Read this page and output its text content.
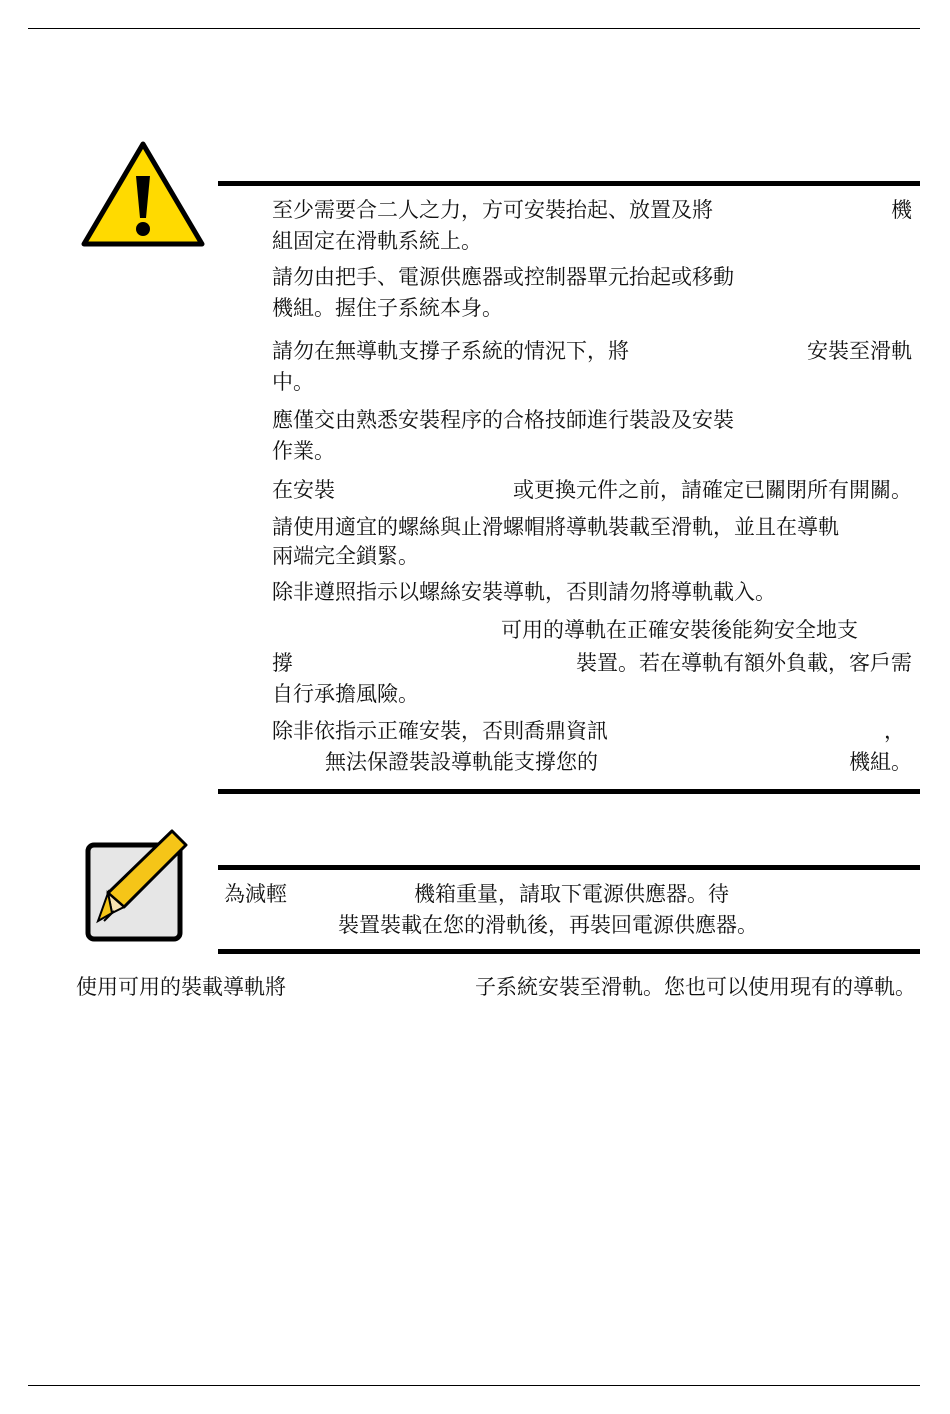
至少需要合二人之力，方可安裝抬起、放置及將	機
組固定在滑軌系統上。
請勿由把手、電源供應器或控制器單元抬起或移動
機組。握住子系統本身。
請勿在無導軌支撐子系統的情況下，將	安裝至滑軌
中。
應僅交由熟悉安裝程序的合格技師進行裝設及安裝
作業。
在安裝	或更換元件之前，請確定已關閉所有開關。
請使用適宜的螺絲與止滑螺帽將導軌裝載至滑軌，並且在導軌
兩端完全鎖緊。
除非遵照指示以螺絲安裝導軌，否則請勿將導軌載入。
可用的導軌在正確安裝後能夠安全地支
撐	裝置。若在導軌有額外負載，客戶需
自行承擔風險。
除非依指示正確安裝，否則喬鼎資訊	，
無法保證裝設導軌能支撐您的	機組。
為減輕	機箱重量，請取下電源供應器。待
裝置裝載在您的滑軌後，再裝回電源供應器。
使用可用的裝載導軌將	子系統安裝至滑軌。您也可以使用現有的導軌。
